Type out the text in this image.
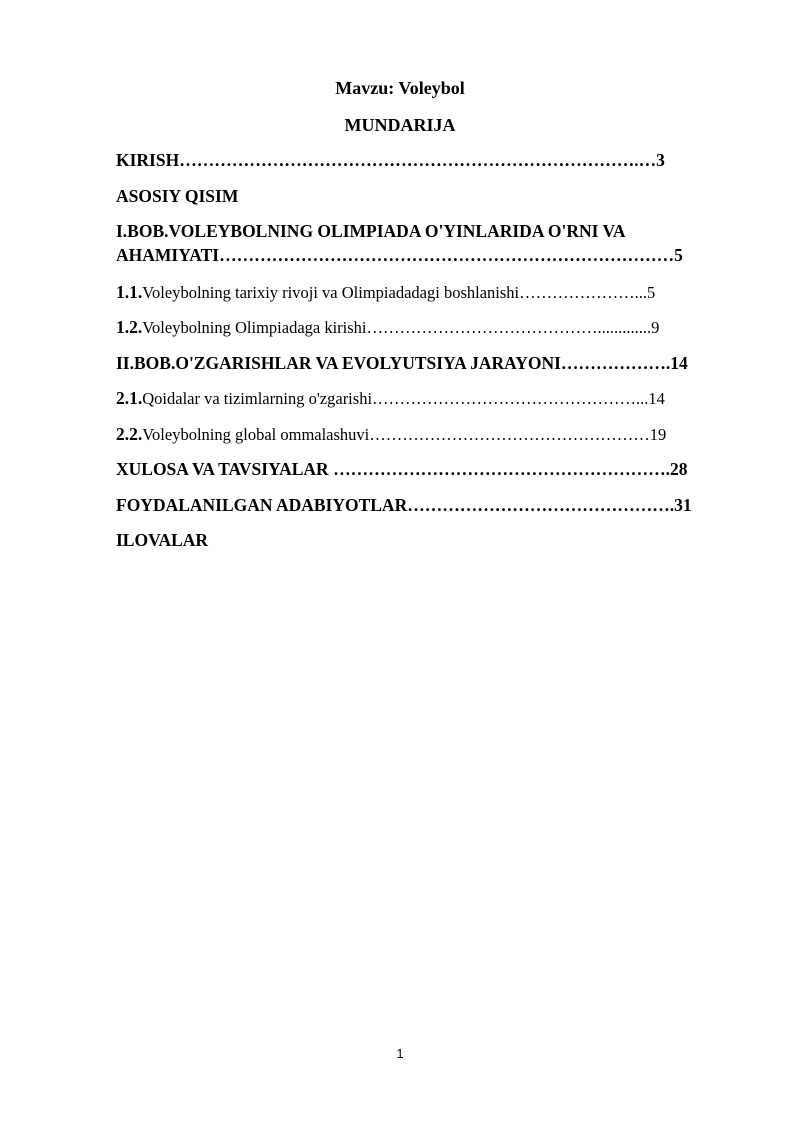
Mavzu: Voleybol
MUNDARIJA
KIRISH…………………………………………………………………….…3
ASOSIY QISIM
I.BOB.VOLEYBOLNING OLIMPIADA O'YINLARIDA O'RNI VA
AHAMIYATI……………………………………………………………………5
1.1.Voleybolning tarixiy rivoji va Olimpiadadagi boshlanishi…………………...5
1.2.Voleybolning Olimpiadaga kirishi…………………………………….............9
II.BOB.O'ZGARISHLAR VA EVOLYUTSIYA JARAYONI……………….14
2.1.Qoidalar va tizimlarning o'zgarishi…………………………………………...14
2.2.Voleybolning global ommalashuvi……………………………………………19
XULOSA VA TAVSIYALAR ………………………………………………….28
FOYDALANILGAN ADABIYOTLAR……………………………………….31
ILOVALAR
1
